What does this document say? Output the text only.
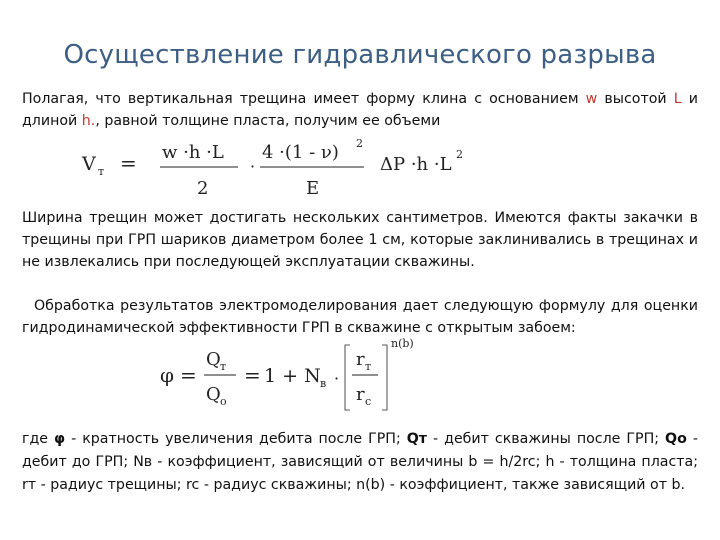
Осуществление гидравлического разрыва
Полагая, что вертикальная трещина имеет форму клина с основанием w высотой L и длиной h., равной толщине пласта, получим ее объеми
V т = w ·h ·L
2
·
4 ·(1 - ν) 2
E
ΔP ·h ·L 2
Ширина трещин может достигать нескольких сантиметров. Имеются факты закачки в трещины при ГРП шариков диаметром более 1 см, которые заклинивались в трещинах и не извлекались при последующей эксплуатации скважины.
Обработка результатов электромоделирования дает следующую формулу для оценки гидродинамической эффективности ГРП в скважине с открытым забоем:
φ =
Q т
Q о
= 1 + N в ·
r т
r с
n(b)
где φ - кратность увеличения дебита после ГРП; Qт - дебит скважины после ГРП; Qо - дебит до ГРП; Nв - коэффициент, зависящий от величины b = h/2rc; h - толщина пласта; rт - радиус трещины; rc - радиус скважины; n(b) - коэффициент, также зависящий от b.
